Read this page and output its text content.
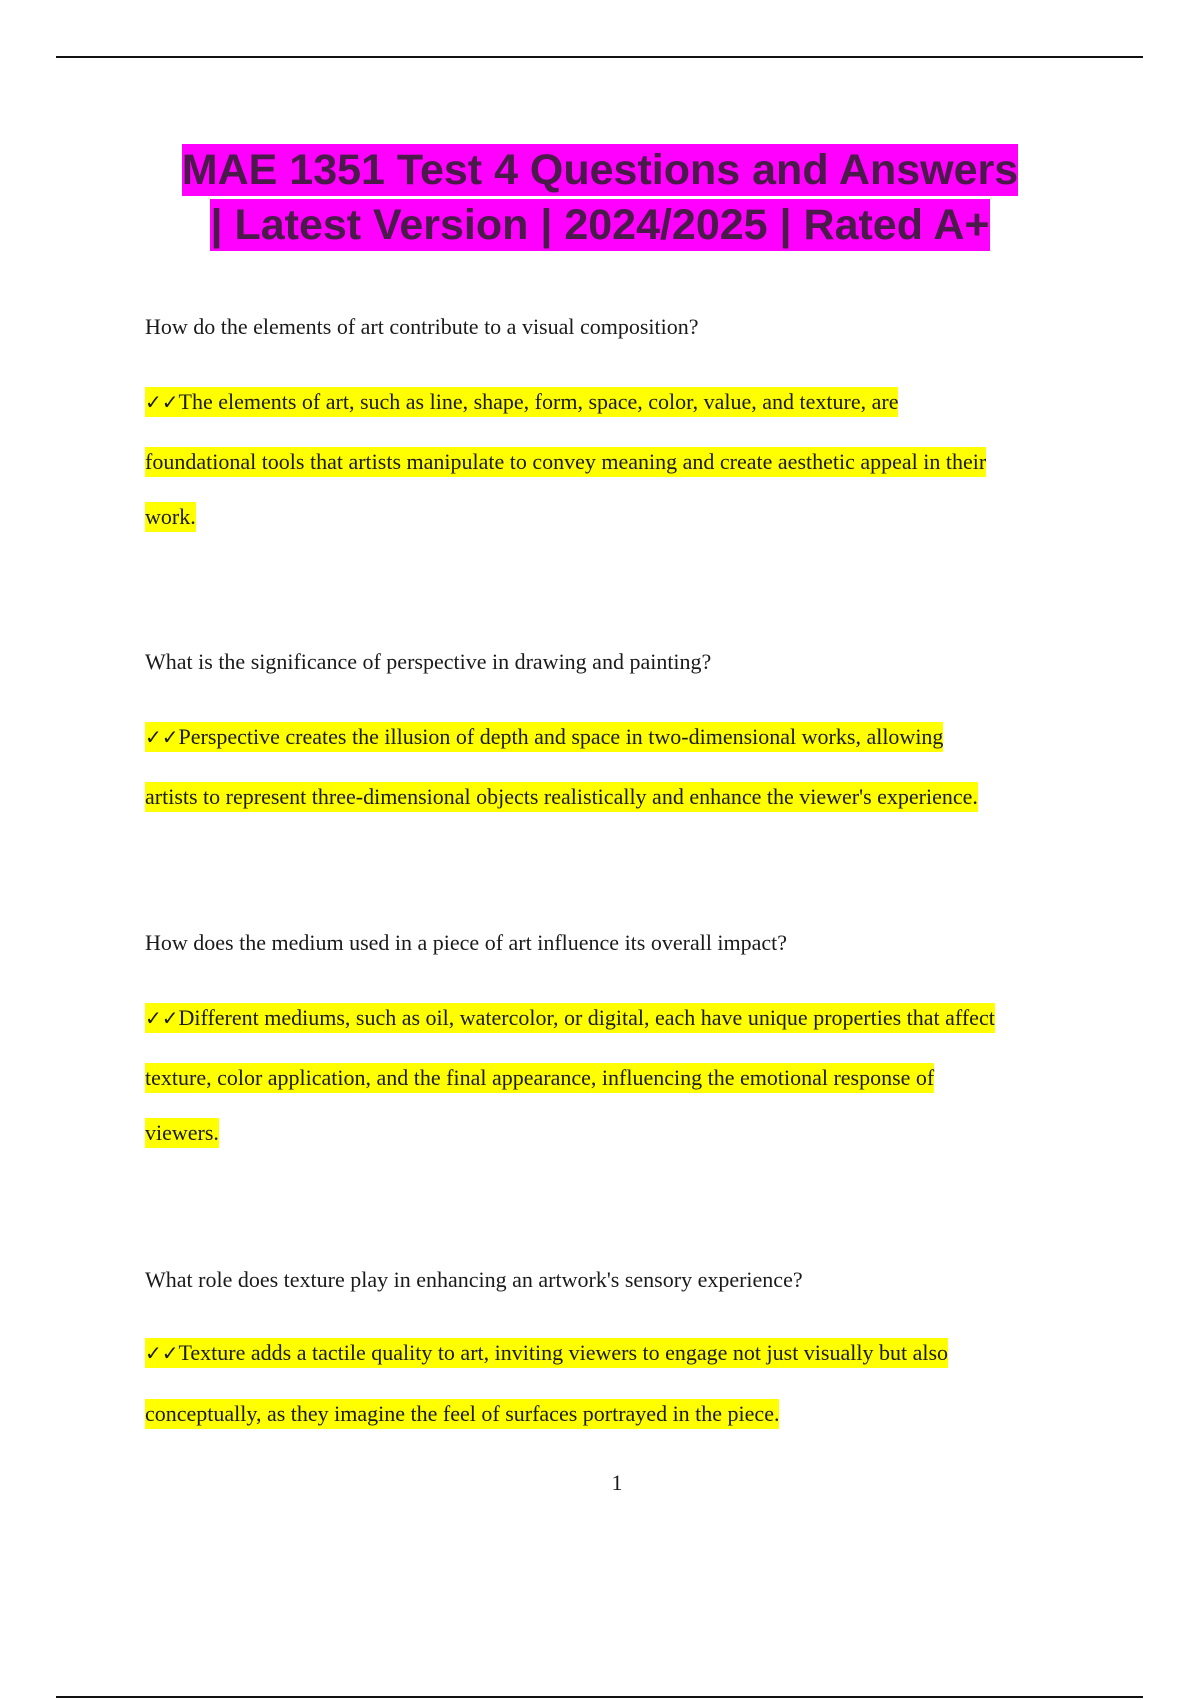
MAE 1351 Test 4 Questions and Answers
| Latest Version | 2024/2025 | Rated A+

How do the elements of art contribute to a visual composition?

✓✓The elements of art, such as line, shape, form, space, color, value, and texture, are

foundational tools that artists manipulate to convey meaning and create aesthetic appeal in their

work.

What is the significance of perspective in drawing and painting?

✓✓Perspective creates the illusion of depth and space in two-dimensional works, allowing

artists to represent three-dimensional objects realistically and enhance the viewer's experience.

How does the medium used in a piece of art influence its overall impact?

✓✓Different mediums, such as oil, watercolor, or digital, each have unique properties that affect

texture, color application, and the final appearance, influencing the emotional response of

viewers.

What role does texture play in enhancing an artwork's sensory experience?

✓✓Texture adds a tactile quality to art, inviting viewers to engage not just visually but also

conceptually, as they imagine the feel of surfaces portrayed in the piece.

1
